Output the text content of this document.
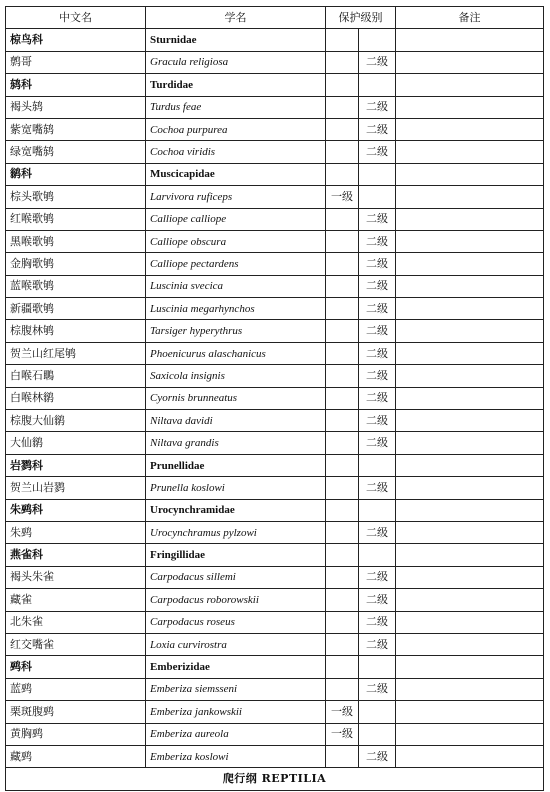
中文名	学名	保护级别		备注
椋鸟科	Sturnidae			
鹩哥	Gracula religiosa		二级	
鸫科	Turdidae			
褐头鸫	Turdus feae		二级	
紫宽嘴鸫	Cochoa purpurea		二级	
绿宽嘴鸫	Cochoa viridis		二级	
鹟科	Muscicapidae			
棕头歌鸲	Larvivora ruficeps	一级		
红喉歌鸲	Calliope calliope		二级	
黑喉歌鸲	Calliope obscura		二级	
金胸歌鸲	Calliope pectardens		二级	
蓝喉歌鸲	Luscinia svecica		二级	
新疆歌鸲	Luscinia megarhynchos		二级	
棕腹林鸲	Tarsiger hyperythrus		二级	
贺兰山红尾鸲	Phoenicurus alaschanicus		二级	
白喉石䳭	Saxicola insignis		二级	
白喉林鹟	Cyornis brunneatus		二级	
棕腹大仙鹟	Niltava davidi		二级	
大仙鹟	Niltava grandis		二级	
岩鹨科	Prunellidae			
贺兰山岩鹨	Prunella koslowi		二级	
朱鹀科	Urocynchramidae			
朱鹀	Urocynchramus pylzowi		二级	
燕雀科	Fringillidae			
褐头朱雀	Carpodacus sillemi		二级	
藏雀	Carpodacus roborowskii		二级	
北朱雀	Carpodacus roseus		二级	
红交嘴雀	Loxia curvirostra		二级	
鹀科	Emberizidae			
蓝鹀	Emberiza siemsseni		二级	
栗斑腹鹀	Emberiza jankowskii	一级		
黄胸鹀	Emberiza aureola	一级		
藏鹀	Emberiza koslowi		二级	
爬行纲 REPTILIA				
